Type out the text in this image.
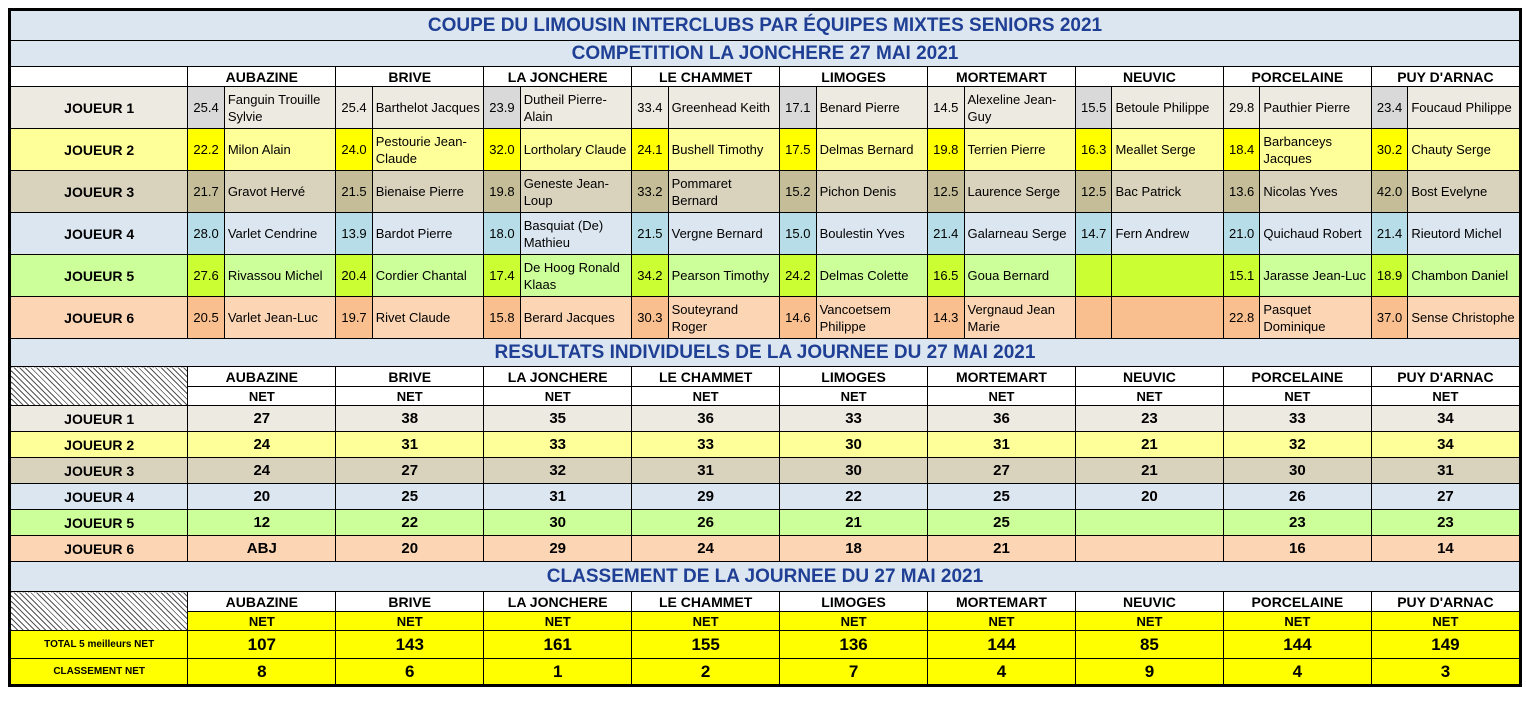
COUPE DU LIMOUSIN INTERCLUBS PAR ÉQUIPES MIXTES SENIORS 2021																		
COMPETITION LA JONCHERE 27 MAI 2021																		
	AUBAZINE		BRIVE		LA JONCHERE		LE CHAMMET		LIMOGES		MORTEMART		NEUVIC		PORCELAINE		PUY D'ARNAC	
JOUEUR 1	25.4	Fanguin Trouille Sylvie	25.4	Barthelot Jacques	23.9	Dutheil Pierre-Alain	33.4	Greenhead Keith	17.1	Benard Pierre	14.5	Alexeline Jean-Guy	15.5	Betoule Philippe	29.8	Pauthier Pierre	23.4	Foucaud Philippe
JOUEUR 2	22.2	Milon Alain	24.0	Pestourie Jean-Claude	32.0	Lortholary Claude	24.1	Bushell Timothy	17.5	Delmas Bernard	19.8	Terrien Pierre	16.3	Meallet Serge	18.4	Barbanceys Jacques	30.2	Chauty Serge
JOUEUR 3	21.7	Gravot Hervé	21.5	Bienaise Pierre	19.8	Geneste Jean-Loup	33.2	Pommaret Bernard	15.2	Pichon Denis	12.5	Laurence Serge	12.5	Bac Patrick	13.6	Nicolas Yves	42.0	Bost Evelyne
JOUEUR 4	28.0	Varlet Cendrine	13.9	Bardot Pierre	18.0	Basquiat (De) Mathieu	21.5	Vergne Bernard	15.0	Boulestin Yves	21.4	Galarneau Serge	14.7	Fern Andrew	21.0	Quichaud Robert	21.4	Rieutord Michel
JOUEUR 5	27.6	Rivassou Michel	20.4	Cordier Chantal	17.4	De Hoog Ronald Klaas	34.2	Pearson Timothy	24.2	Delmas Colette	16.5	Goua Bernard			15.1	Jarasse Jean-Luc	18.9	Chambon Daniel
JOUEUR 6	20.5	Varlet Jean-Luc	19.7	Rivet Claude	15.8	Berard Jacques	30.3	Souteyrand Roger	14.6	Vancoetsem Philippe	14.3	Vergnaud Jean Marie			22.8	Pasquet Dominique	37.0	Sense Christophe
RESULTATS INDIVIDUELS DE LA JOURNEE DU 27 MAI 2021																		
	AUBAZINE		BRIVE		LA JONCHERE		LE CHAMMET		LIMOGES		MORTEMART		NEUVIC		PORCELAINE		PUY D'ARNAC	
	NET		NET		NET		NET		NET		NET		NET		NET		NET	
JOUEUR 1	27		38		35		36		33		36		23		33		34	
JOUEUR 2	24		31		33		33		30		31		21		32		34	
JOUEUR 3	24		27		32		31		30		27		21		30		31	
JOUEUR 4	20		25		31		29		22		25		20		26		27	
JOUEUR 5	12		22		30		26		21		25				23		23	
JOUEUR 6	ABJ		20		29		24		18		21				16		14	
CLASSEMENT DE LA JOURNEE DU 27 MAI 2021																		
	AUBAZINE		BRIVE		LA JONCHERE		LE CHAMMET		LIMOGES		MORTEMART		NEUVIC		PORCELAINE		PUY D'ARNAC	
	NET		NET		NET		NET		NET		NET		NET		NET		NET	
TOTAL 5 meilleurs NET	107		143		161		155		136		144		85		144		149	
CLASSEMENT NET	8		6		1		2		7		4		9		4		3	
